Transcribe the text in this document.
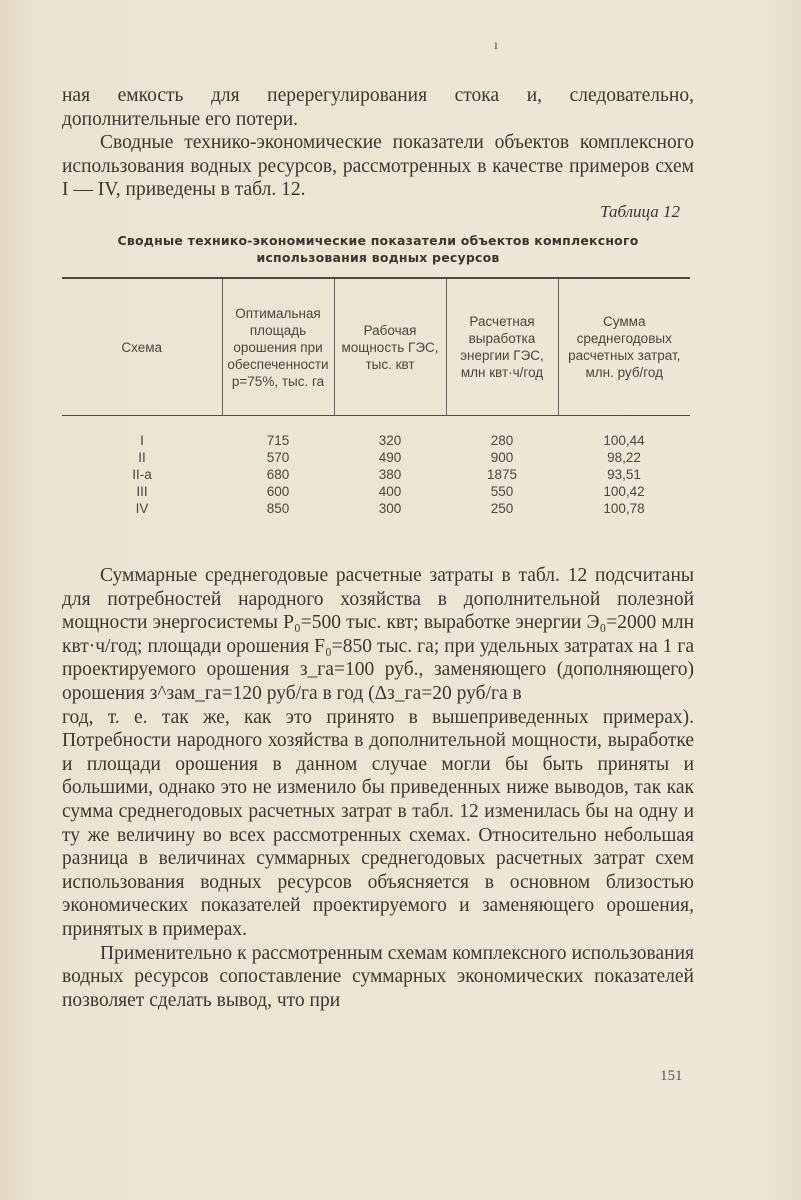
ı

ная емкость для перерегулирования стока и, следовательно, дополнительные его потери.

Сводные технико-экономические показатели объектов комплексного использования водных ресурсов, рассмотренных в качестве примеров схем I — IV, приведены в табл. 12.

Таблица 12
Сводные технико-экономические показатели объектов комплексного использования водных ресурсов
Схема	Оптимальная площадь орошения при обеспеченности р=75%, тыс. га	Рабочая мощность ГЭС, тыс. квт	Расчетная выработка энергии ГЭС, млн квт·ч/год	Сумма среднегодовых расчетных затрат, млн. руб/год
I	715	320	280	100,44
II	570	490	900	98,22
II-а	680	380	1875	93,51
III	600	400	550	100,42
IV	850	300	250	100,78

Суммарные среднегодовые расчетные затраты в табл. 12 подсчитаны для потребностей народного хозяйства в дополнительной полезной мощности энергосистемы P₀=500 тыс. квт; выработке энергии Э₀=2000 млн квт·ч/год; площади орошения F₀=850 тыс. га; при удельных затратах на 1 га проектируемого орошения з_га=100 руб., заменяющего (дополняющего) орошения з^зам_га=120 руб/га в год (Δз_га=20 руб/га в

год, т. е. так же, как это принято в вышеприведенных примерах). Потребности народного хозяйства в дополнительной мощности, выработке и площади орошения в данном случае могли бы быть приняты и большими, однако это не изменило бы приведенных ниже выводов, так как сумма среднегодовых расчетных затрат в табл. 12 изменилась бы на одну и ту же величину во всех рассмотренных схемах. Относительно небольшая разница в величинах суммарных среднегодовых расчетных затрат схем использования водных ресурсов объясняется в основном близостью экономических показателей проектируемого и заменяющего орошения, принятых в примерах.

Применительно к рассмотренным схемам комплексного использования водных ресурсов сопоставление суммарных экономических показателей позволяет сделать вывод, что при

151
